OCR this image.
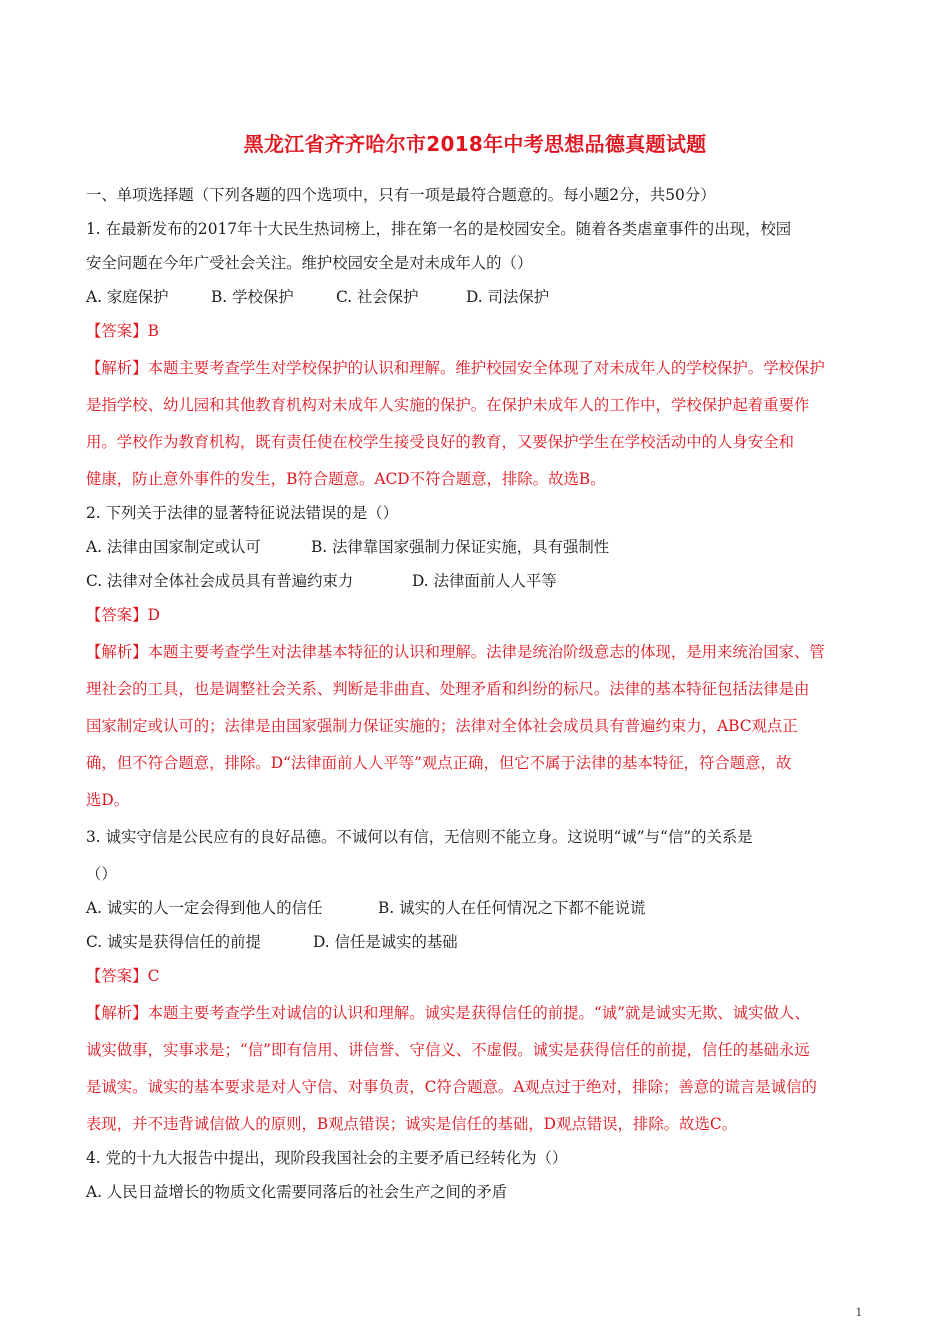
黑龙江省齐齐哈尔市2018年中考思想品德真题试题
一、单项选择题（下列各题的四个选项中，只有一项是最符合题意的。每小题2分，共50分）
1. 在最新发布的2017年十大民生热词榜上，排在第一名的是校园安全。随着各类虐童事件的出现，校园
安全问题在今年广受社会关注。维护校园安全是对未成年人的（）
A. 家庭保护	B. 学校保护	C. 社会保护	D. 司法保护
【答案】B
【解析】本题主要考查学生对学校保护的认识和理解。维护校园安全体现了对未成年人的学校保护。学校保护
是指学校、幼儿园和其他教育机构对未成年人实施的保护。在保护未成年人的工作中，学校保护起着重要作
用。学校作为教育机构，既有责任使在校学生接受良好的教育，又要保护学生在学校活动中的人身安全和
健康，防止意外事件的发生，B符合题意。ACD不符合题意，排除。故选B。
2. 下列关于法律的显著特征说法错误的是（）
A. 法律由国家制定或认可	B. 法律靠国家强制力保证实施，具有强制性
C. 法律对全体社会成员具有普遍约束力	D. 法律面前人人平等
【答案】D
【解析】本题主要考查学生对法律基本特征的认识和理解。法律是统治阶级意志的体现，是用来统治国家、管
理社会的工具，也是调整社会关系、判断是非曲直、处理矛盾和纠纷的标尺。法律的基本特征包括法律是由
国家制定或认可的；法律是由国家强制力保证实施的；法律对全体社会成员具有普遍约束力，ABC观点正
确，但不符合题意，排除。D“法律面前人人平等”观点正确，但它不属于法律的基本特征，符合题意，故
选D。
3. 诚实守信是公民应有的良好品德。不诚何以有信，无信则不能立身。这说明“诚”与“信”的关系是
（）
A. 诚实的人一定会得到他人的信任	B. 诚实的人在任何情况之下都不能说谎
C. 诚实是获得信任的前提	D. 信任是诚实的基础
【答案】C
【解析】本题主要考查学生对诚信的认识和理解。诚实是获得信任的前提。“诚”就是诚实无欺、诚实做人、
诚实做事，实事求是；“信”即有信用、讲信誉、守信义、不虚假。诚实是获得信任的前提，信任的基础永远
是诚实。诚实的基本要求是对人守信、对事负责，C符合题意。A观点过于绝对，排除；善意的谎言是诚信的
表现，并不违背诚信做人的原则，B观点错误；诚实是信任的基础，D观点错误，排除。故选C。
4. 党的十九大报告中提出，现阶段我国社会的主要矛盾已经转化为（）
A. 人民日益增长的物质文化需要同落后的社会生产之间的矛盾
1
